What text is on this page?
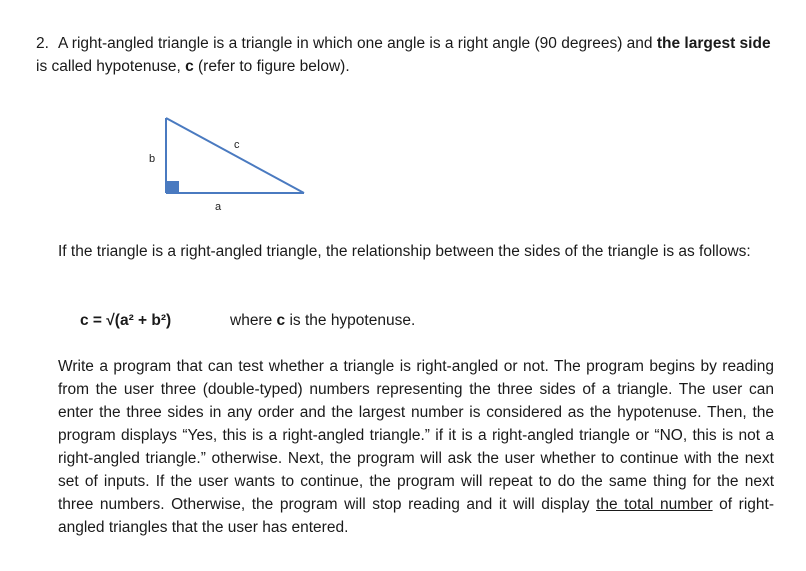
2. A right-angled triangle is a triangle in which one angle is a right angle (90 degrees) and the largest side is called hypotenuse, c (refer to figure below).
b
a
c
If the triangle is a right-angled triangle, the relationship between the sides of the triangle is as follows:
c = √(a² + b²)	where c is the hypotenuse.
Write a program that can test whether a triangle is right-angled or not. The program begins by reading from the user three (double-typed) numbers representing the three sides of a triangle. The user can enter the three sides in any order and the largest number is considered as the hypotenuse. Then, the program displays “Yes, this is a right-angled triangle.” if it is a right-angled triangle or “NO, this is not a right-angled triangle.” otherwise. Next, the program will ask the user whether to continue with the next set of inputs. If the user wants to continue, the program will repeat to do the same thing for the next three numbers. Otherwise, the program will stop reading and it will display the total number of right-angled triangles that the user has entered.
